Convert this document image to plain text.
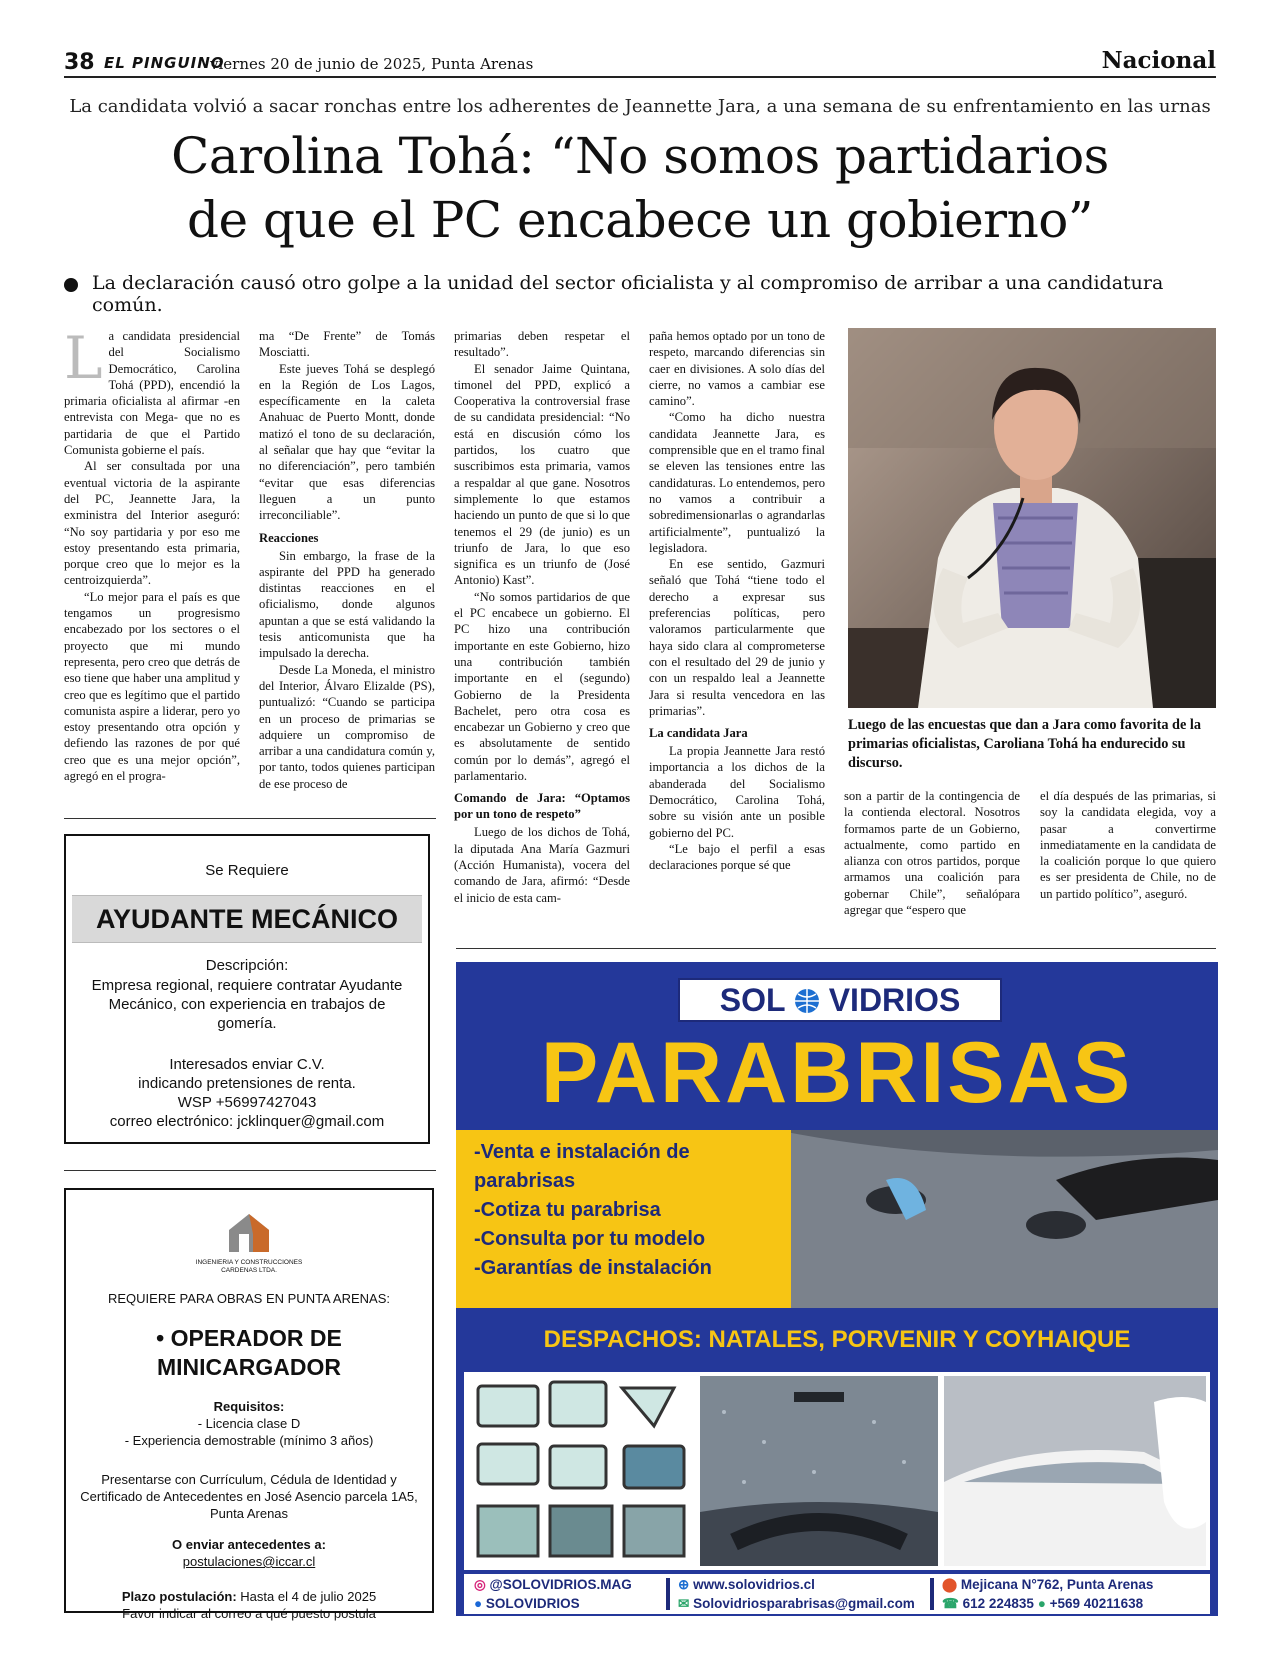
38 EL PINGUINO
viernes 20 de junio de 2025, Punta Arenas	Nacional
La candidata volvió a sacar ronchas entre los adherentes de Jeannette Jara, a una semana de su enfrentamiento en las urnas
Carolina Tohá: “No somos partidarios
de que el PC encabece un gobierno”
La declaración causó otro golpe a la unidad del sector oficialista y al compromiso de arribar a una candidatura común.
L a candidata presidencial del Socialismo Democrático, Carolina Tohá (PPD), encendió la primaria oficialista al afirmar -en entrevista con Mega- que no es partidaria de que el Partido Comunista gobierne el país.

Al ser consultada por una eventual victoria de la aspirante del PC, Jeannette Jara, la exministra del Interior aseguró: “No soy partidaria y por eso me estoy presentando esta primaria, porque creo que lo mejor es la centroizquierda”.

“Lo mejor para el país es que tengamos un progresismo encabezado por los sectores o el proyecto que mi mundo representa, pero creo que detrás de eso tiene que haber una amplitud y creo que es legítimo que el partido comunista aspire a liderar, pero yo estoy presentando otra opción y defiendo las razones de por qué creo que es una mejor opción”, agregó en el progra-

ma “De Frente” de Tomás Mosciatti.

Este jueves Tohá se desplegó en la Región de Los Lagos, específicamente en la caleta Anahuac de Puerto Montt, donde matizó el tono de su declaración, al señalar que hay que “evitar la no diferenciación”, pero también “evitar que esas diferencias lleguen a un punto irreconciliable”.

Reacciones

Sin embargo, la frase de la aspirante del PPD ha generado distintas reacciones en el oficialismo, donde algunos apuntan a que se está validando la tesis anticomunista que ha impulsado la derecha.

Desde La Moneda, el ministro del Interior, Álvaro Elizalde (PS), puntualizó: “Cuando se participa en un proceso de primarias se adquiere un compromiso de arribar a una candidatura común y, por tanto, todos quienes participan de ese proceso de

primarias deben respetar el resultado”.

El senador Jaime Quintana, timonel del PPD, explicó a Cooperativa la controversial frase de su candidata presidencial: “No está en discusión cómo los partidos, los cuatro que suscribimos esta primaria, vamos a respaldar al que gane. Nosotros simplemente lo que estamos haciendo un punto de que si lo que tenemos el 29 (de junio) es un triunfo de Jara, lo que eso significa es un triunfo de (José Antonio) Kast”.

“No somos partidarios de que el PC encabece un gobierno. El PC hizo una contribución importante en este Gobierno, hizo una contribución también importante en el (segundo) Gobierno de la Presidenta Bachelet, pero otra cosa es encabezar un Gobierno y creo que es absolutamente de sentido común por lo demás”, agregó el parlamentario.

Comando de Jara: “Optamos por un tono de respeto”

Luego de los dichos de Tohá, la diputada Ana María Gazmuri (Acción Humanista), vocera del comando de Jara, afirmó: “Desde el inicio de esta cam-

paña hemos optado por un tono de respeto, marcando diferencias sin caer en divisiones. A solo días del cierre, no vamos a cambiar ese camino”.

“Como ha dicho nuestra candidata Jeannette Jara, es comprensible que en el tramo final se eleven las tensiones entre las candidaturas. Lo entendemos, pero no vamos a contribuir a sobredimensionarlas o agrandarlas artificialmente”, puntualizó la legisladora.

En ese sentido, Gazmuri señaló que Tohá “tiene todo el derecho a expresar sus preferencias políticas, pero valoramos particularmente que haya sido clara al comprometerse con el resultado del 29 de junio y con un respaldo leal a Jeannette Jara si resulta vencedora en las primarias”.

La candidata Jara

La propia Jeannette Jara restó importancia a los dichos de la abanderada del Socialismo Democrático, Carolina Tohá, sobre su visión ante un posible gobierno del PC.

“Le bajo el perfil a esas declaraciones porque sé que

son a partir de la contingencia de la contienda electoral. Nosotros formamos parte de un Gobierno, actualmente, como partido en alianza con otros partidos, porque armamos una coalición para gobernar Chile”, señalópara agregar que “espero que

el día después de las primarias, si soy la candidata elegida, voy a pasar a convertirme inmediatamente en la candidata de la coalición porque lo que quiero es ser presidenta de Chile, no de un partido político”, aseguró.

Luego de las encuestas que dan a Jara como favorita de la primarias oficialistas, Caroliana Tohá ha endurecido su discurso.
Se Requiere
AYUDANTE MECÁNICO
Descripción:
Empresa regional, requiere contratar Ayudante Mecánico, con experiencia en trabajos de gomería.
Interesados enviar C.V.
indicando pretensiones de renta.
WSP +56997427043
correo electrónico: jcklinquer@gmail.com
INGENIERIA Y CONSTRUCCIONES
CARDENAS LTDA.
REQUIERE PARA OBRAS EN PUNTA ARENAS:
• OPERADOR DE
MINICARGADOR
Requisitos:
- Licencia clase D
- Experiencia demostrable (mínimo 3 años)
Presentarse con Currículum, Cédula de Identidad y Certificado de Antecedentes en José Asencio parcela 1A5, Punta Arenas
O enviar antecedentes a:
postulaciones@iccar.cl
Plazo postulación: Hasta el 4 de julio 2025
Favor indicar al correo a qué puesto postula
SOL VIDRIOS
PARABRISAS
-Venta e instalación de
parabrisas
-Cotiza tu parabrisa
-Consulta por tu modelo
-Garantías de instalación
DESPACHOS: NATALES, PORVENIR Y COYHAIQUE
◎ @SOLOVIDRIOS.MAG
● SOLOVIDRIOS
⊕ www.solovidrios.cl
✉ Solovidriosparabrisas@gmail.com
⬤ Mejicana N°762, Punta Arenas
☎ 612 224835 ● +569 40211638
